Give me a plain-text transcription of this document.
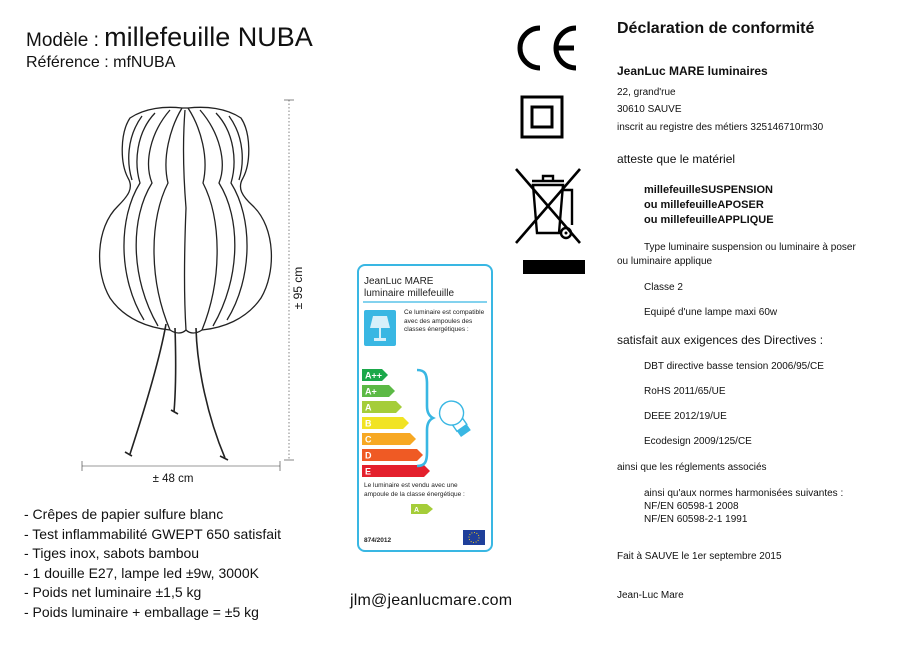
Modèle : millefeuille NUBA
Référence : mfNUBA
± 95 cm
± 48 cm
- Crêpes de papier sulfure blanc
- Test inflammabilité GWEPT 650 satisfait
- Tiges inox, sabots bambou
- 1 douille E27, lampe led ±9w, 3000K
- Poids net luminaire ±1,5 kg
- Poids luminaire + emballage = ±5 kg
jlm@jeanlucmare.com
JeanLuc MARE
luminaire millefeuille
A++
A+
A
B
C
D
E
A
Ce luminaire est compatible avec des ampoules des classes énergétiques :
Le luminaire est vendu avec une ampoule de la classe énergétique :
874/2012
Déclaration de conformité
JeanLuc MARE luminaires
22, grand'rue
30610 SAUVE
inscrit au registre des métiers 325146710rm30
atteste que le matériel
millefeuilleSUSPENSION
ou millefeuilleAPOSER
ou millefeuilleAPPLIQUE
Type luminaire suspension ou luminaire à poser
ou luminaire applique
Classe 2
Equipé d'une lampe maxi 60w
satisfait aux exigences des Directives :
DBT directive basse tension 2006/95/CE
RoHS 2011/65/UE
DEEE 2012/19/UE
Ecodesign 2009/125/CE
ainsi que les réglements associés
ainsi qu'aux normes harmonisées suivantes :
NF/EN 60598-1 2008
NF/EN 60598-2-1 1991
Fait à SAUVE le 1er septembre 2015
Jean-Luc Mare
